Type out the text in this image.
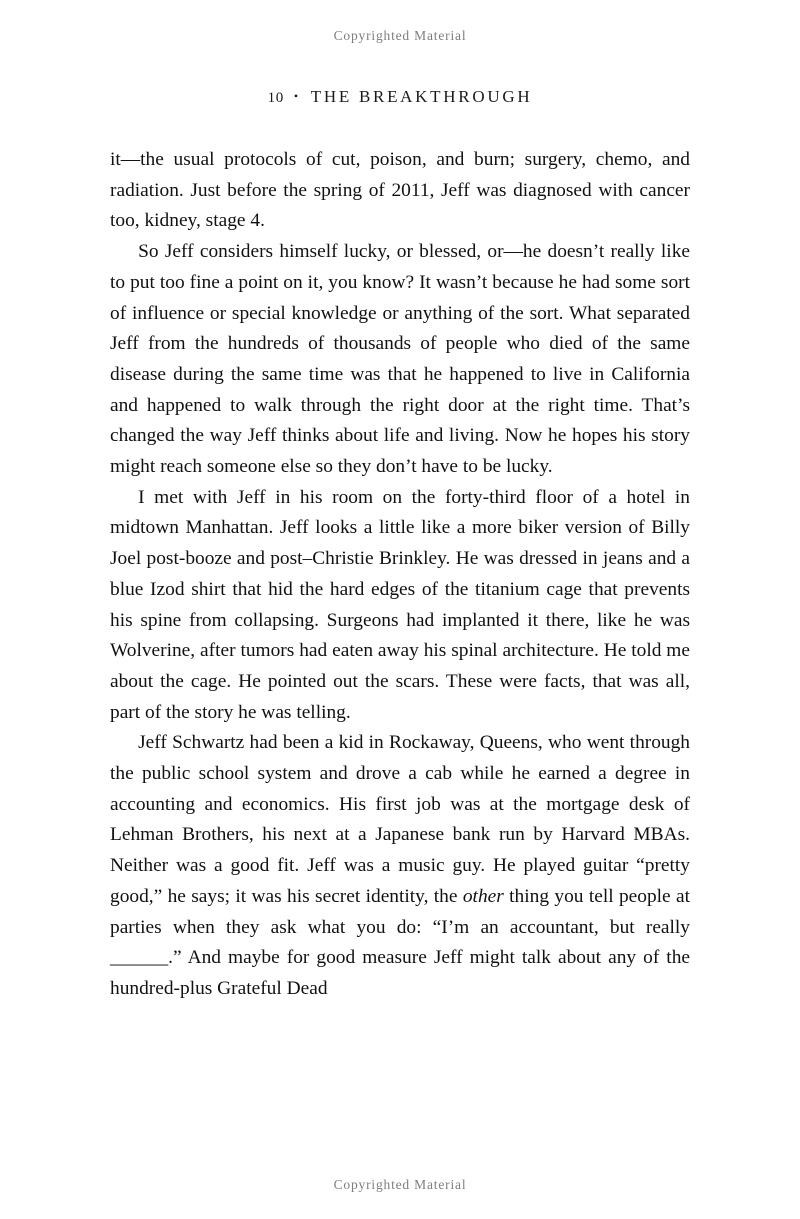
Copyrighted Material
10 • THE BREAKTHROUGH

it—the usual protocols of cut, poison, and burn; surgery, chemo, and radiation. Just before the spring of 2011, Jeff was diagnosed with cancer too, kidney, stage 4.

So Jeff considers himself lucky, or blessed, or—he doesn’t really like to put too fine a point on it, you know? It wasn’t because he had some sort of influence or special knowledge or anything of the sort. What separated Jeff from the hundreds of thousands of people who died of the same disease during the same time was that he happened to live in California and happened to walk through the right door at the right time. That’s changed the way Jeff thinks about life and living. Now he hopes his story might reach someone else so they don’t have to be lucky.

I met with Jeff in his room on the forty-third floor of a hotel in midtown Manhattan. Jeff looks a little like a more biker version of Billy Joel post-booze and post–Christie Brinkley. He was dressed in jeans and a blue Izod shirt that hid the hard edges of the titanium cage that prevents his spine from collapsing. Surgeons had implanted it there, like he was Wolverine, after tumors had eaten away his spinal architecture. He told me about the cage. He pointed out the scars. These were facts, that was all, part of the story he was telling.

Jeff Schwartz had been a kid in Rockaway, Queens, who went through the public school system and drove a cab while he earned a degree in accounting and economics. His first job was at the mortgage desk of Lehman Brothers, his next at a Japanese bank run by Harvard MBAs. Neither was a good fit. Jeff was a music guy. He played guitar “pretty good,” he says; it was his secret identity, the other thing you tell people at parties when they ask what you do: “I’m an accountant, but really ______.” And maybe for good measure Jeff might talk about any of the hundred-plus Grateful Dead

Copyrighted Material
